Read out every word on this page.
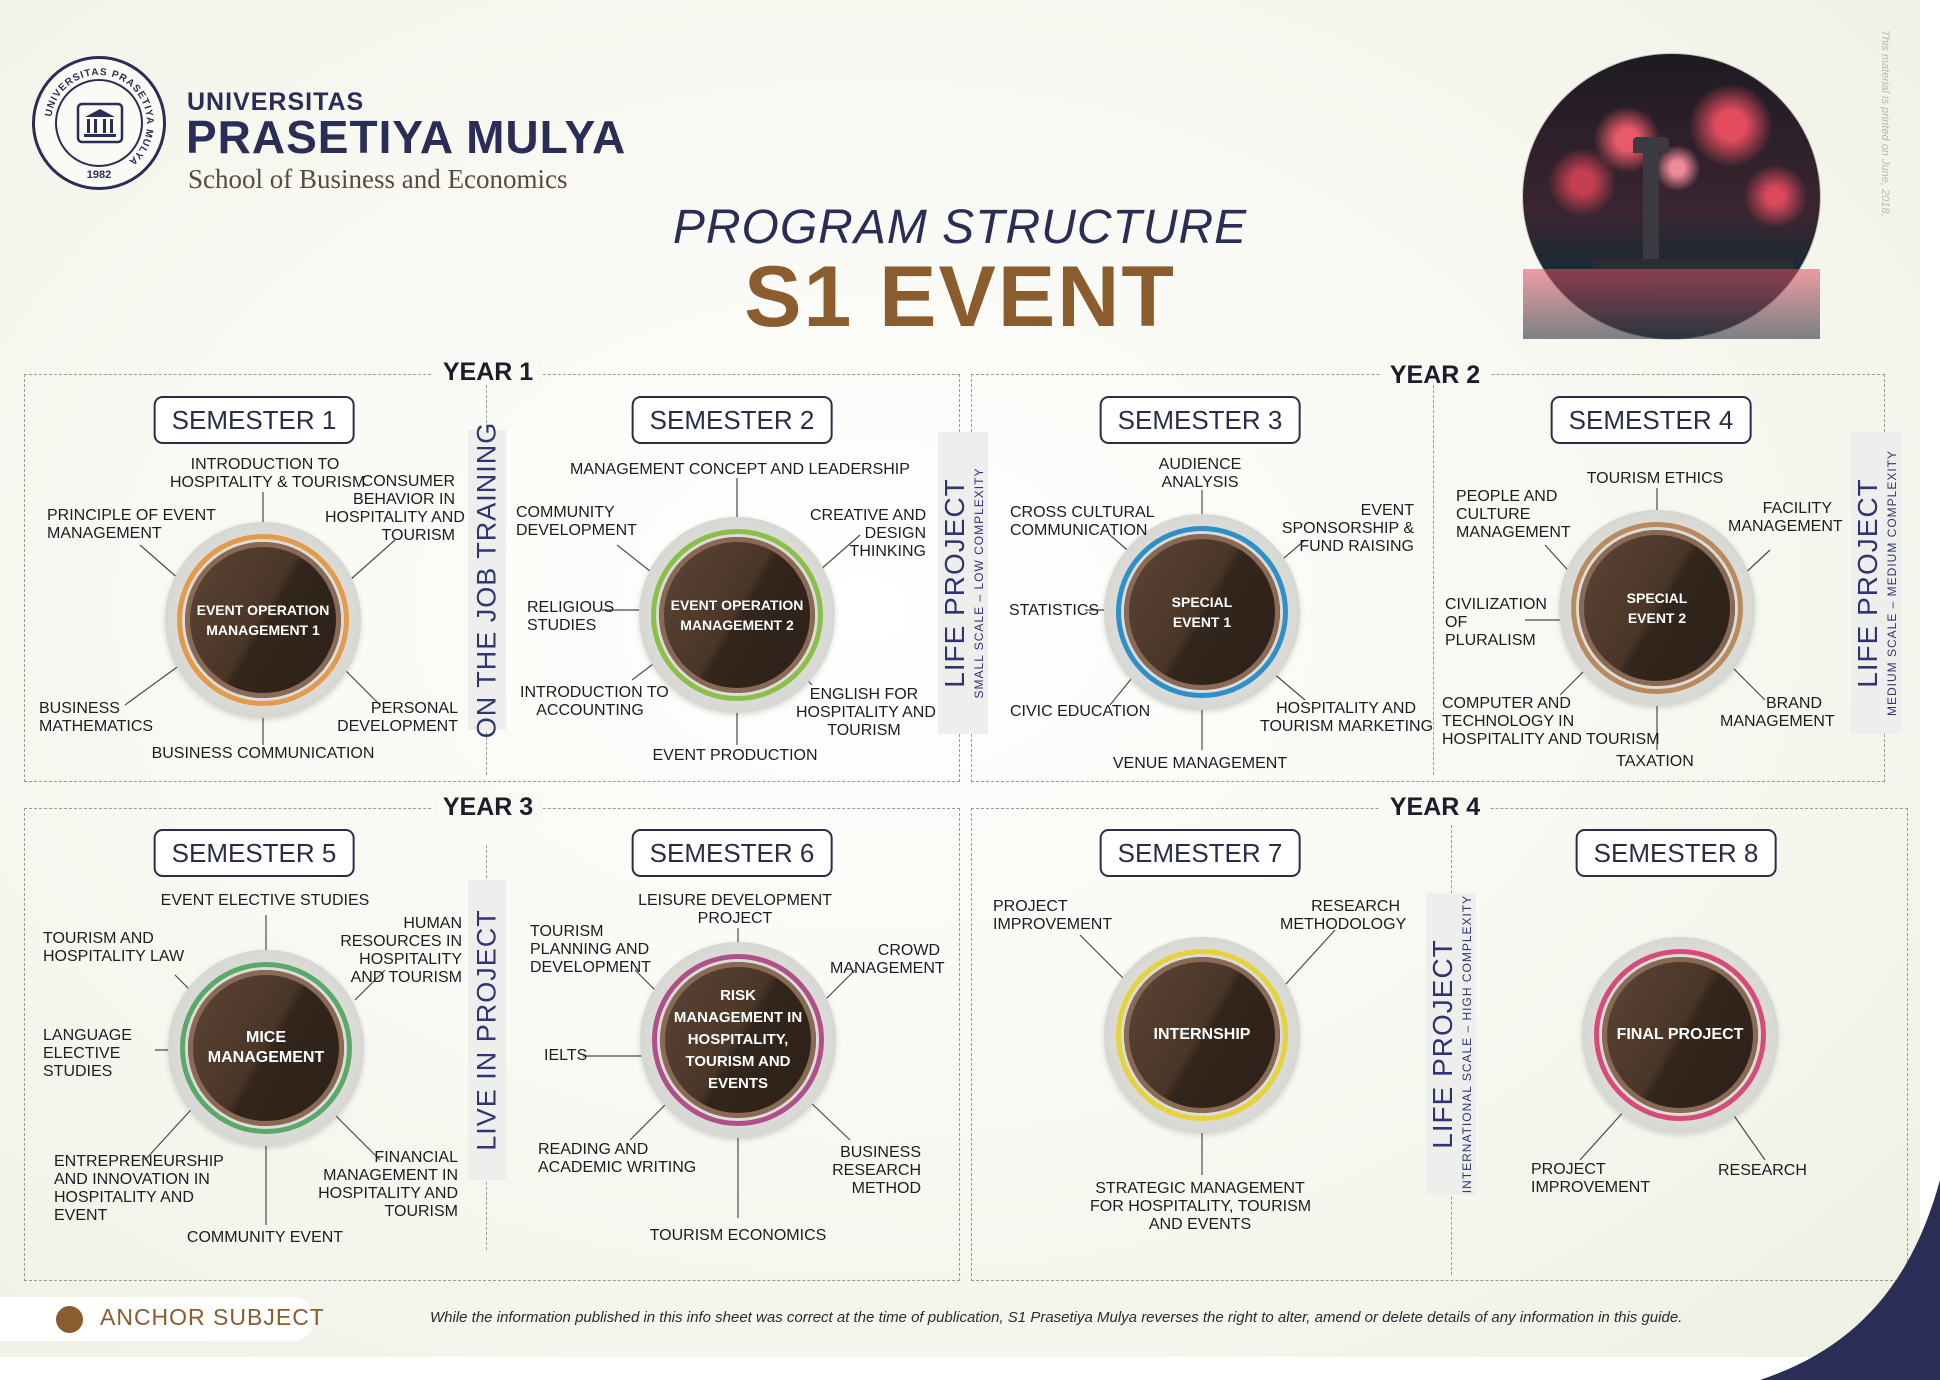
UNIVERSITAS PRASETIYA MULYA
1982
UNIVERSITAS
PRASETIYA MULYA
School of Business and Economics
PROGRAM STRUCTURE
S1 EVENT
This material is printed on June, 2018.
YEAR 1	YEAR 2
YEAR 3	YEAR 4
ON THE JOB TRAINING	LIFE PROJECT SMALL SCALE – LOW COMPLEXITY	LIFE PROJECT MEDIUM SCALE – MEDIUM COMPLEXITY
LIVE IN PROJECT	LIFE PROJECT INTERNATIONAL SCALE – HIGH COMPLEXITY
SEMESTER 1	SEMESTER 2	SEMESTER 3	SEMESTER 4
SEMESTER 5	SEMESTER 6	SEMESTER 7	SEMESTER 8
EVENT OPERATION
MANAGEMENT 1
EVENT OPERATION
MANAGEMENT 2
SPECIAL
EVENT 1
SPECIAL
EVENT 2
MICE
MANAGEMENT
RISK
MANAGEMENT IN
HOSPITALITY,
TOURISM AND
EVENTS
INTERNSHIP	FINAL PROJECT
INTRODUCTION TO
HOSPITALITY & TOURISM
CONSUMER
BEHAVIOR IN
HOSPITALITY AND
TOURISM
PRINCIPLE OF EVENT
MANAGEMENT
BUSINESS
MATHEMATICS
PERSONAL
DEVELOPMENT
BUSINESS COMMUNICATION
MANAGEMENT CONCEPT AND LEADERSHIP
COMMUNITY
DEVELOPMENT
CREATIVE AND
DESIGN
THINKING
RELIGIOUS
STUDIES
INTRODUCTION TO
ACCOUNTING
ENGLISH FOR
HOSPITALITY AND
TOURISM
EVENT PRODUCTION
AUDIENCE
ANALYSIS
CROSS CULTURAL
COMMUNICATION
EVENT
SPONSORSHIP &
FUND RAISING
STATISTICS
CIVIC EDUCATION	HOSPITALITY AND
TOURISM MARKETING
VENUE MANAGEMENT
TOURISM ETHICS
PEOPLE AND
CULTURE
MANAGEMENT
FACILITY
MANAGEMENT
CIVILIZATION
OF
PLURALISM
COMPUTER AND
TECHNOLOGY IN
HOSPITALITY AND TOURISM
BRAND
MANAGEMENT
TAXATION
EVENT ELECTIVE STUDIES
TOURISM AND
HOSPITALITY LAW
HUMAN
RESOURCES IN
HOSPITALITY
AND TOURISM
LANGUAGE
ELECTIVE
STUDIES
ENTREPRENEURSHIP
AND INNOVATION IN
HOSPITALITY AND
EVENT
FINANCIAL
MANAGEMENT IN
HOSPITALITY AND
TOURISM
COMMUNITY EVENT
LEISURE DEVELOPMENT
PROJECT
TOURISM
PLANNING AND
DEVELOPMENT
CROWD
MANAGEMENT
IELTS
READING AND
ACADEMIC WRITING
BUSINESS
RESEARCH
METHOD
TOURISM ECONOMICS
PROJECT
IMPROVEMENT
RESEARCH
METHODOLOGY
STRATEGIC MANAGEMENT
FOR HOSPITALITY, TOURISM
AND EVENTS
PROJECT
IMPROVEMENT
RESEARCH
ANCHOR SUBJECT	While the information published in this info sheet was correct at the time of publication, S1 Prasetiya Mulya reverses the right to alter, amend or delete details of any information in this guide.
